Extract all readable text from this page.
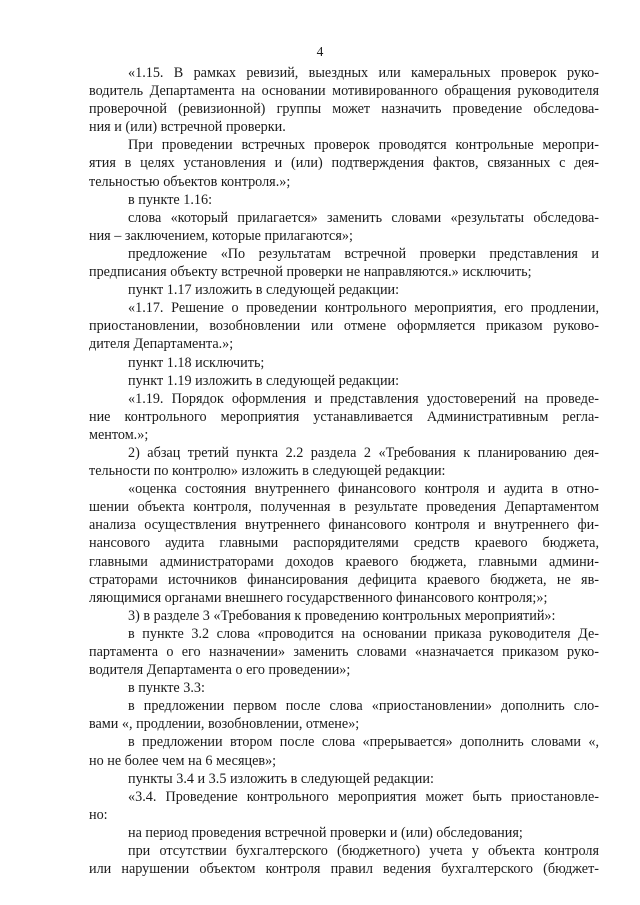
4
«1.15. В рамках ревизий, выездных или камеральных проверок руко-
водитель Департамента на основании мотивированного обращения руководителя
проверочной (ревизионной) группы может назначить проведение обследова-
ния и (или) встречной проверки.
При проведении встречных проверок проводятся контрольные меропри-
ятия в целях установления и (или) подтверждения фактов, связанных с дея-
тельностью объектов контроля.»;
в пункте 1.16:
слова «который прилагается» заменить словами «результаты обследова-
ния – заключением, которые прилагаются»;
предложение «По результатам встречной проверки представления и
предписания объекту встречной проверки не направляются.» исключить;
пункт 1.17 изложить в следующей редакции:
«1.17. Решение о проведении контрольного мероприятия, его продлении,
приостановлении, возобновлении или отмене оформляется приказом руково-
дителя Департамента.»;
пункт 1.18 исключить;
пункт 1.19 изложить в следующей редакции:
«1.19. Порядок оформления и представления удостоверений на проведе-
ние контрольного мероприятия устанавливается Административным регла-
ментом.»;
2) абзац третий пункта 2.2 раздела 2 «Требования к планированию дея-
тельности по контролю» изложить в следующей редакции:
«оценка состояния внутреннего финансового контроля и аудита в отно-
шении объекта контроля, полученная в результате проведения Департаментом
анализа осуществления внутреннего финансового контроля и внутреннего фи-
нансового аудита главными распорядителями средств краевого бюджета,
главными администраторами доходов краевого бюджета, главными админи-
страторами источников финансирования дефицита краевого бюджета, не яв-
ляющимися органами внешнего государственного финансового контроля;»;
3) в разделе 3 «Требования к проведению контрольных мероприятий»:
в пункте 3.2 слова «проводится на основании приказа руководителя Де-
партамента о его назначении» заменить словами «назначается приказом руко-
водителя Департамента о его проведении»;
в пункте 3.3:
в предложении первом после слова «приостановлении» дополнить сло-
вами «, продлении, возобновлении, отмене»;
в предложении втором после слова «прерывается» дополнить словами «,
но не более чем на 6 месяцев»;
пункты 3.4 и 3.5 изложить в следующей редакции:
«3.4. Проведение контрольного мероприятия может быть приостановле-
но:
на период проведения встречной проверки и (или) обследования;
при отсутствии бухгалтерского (бюджетного) учета у объекта контроля
или нарушении объектом контроля правил ведения бухгалтерского (бюджет-
